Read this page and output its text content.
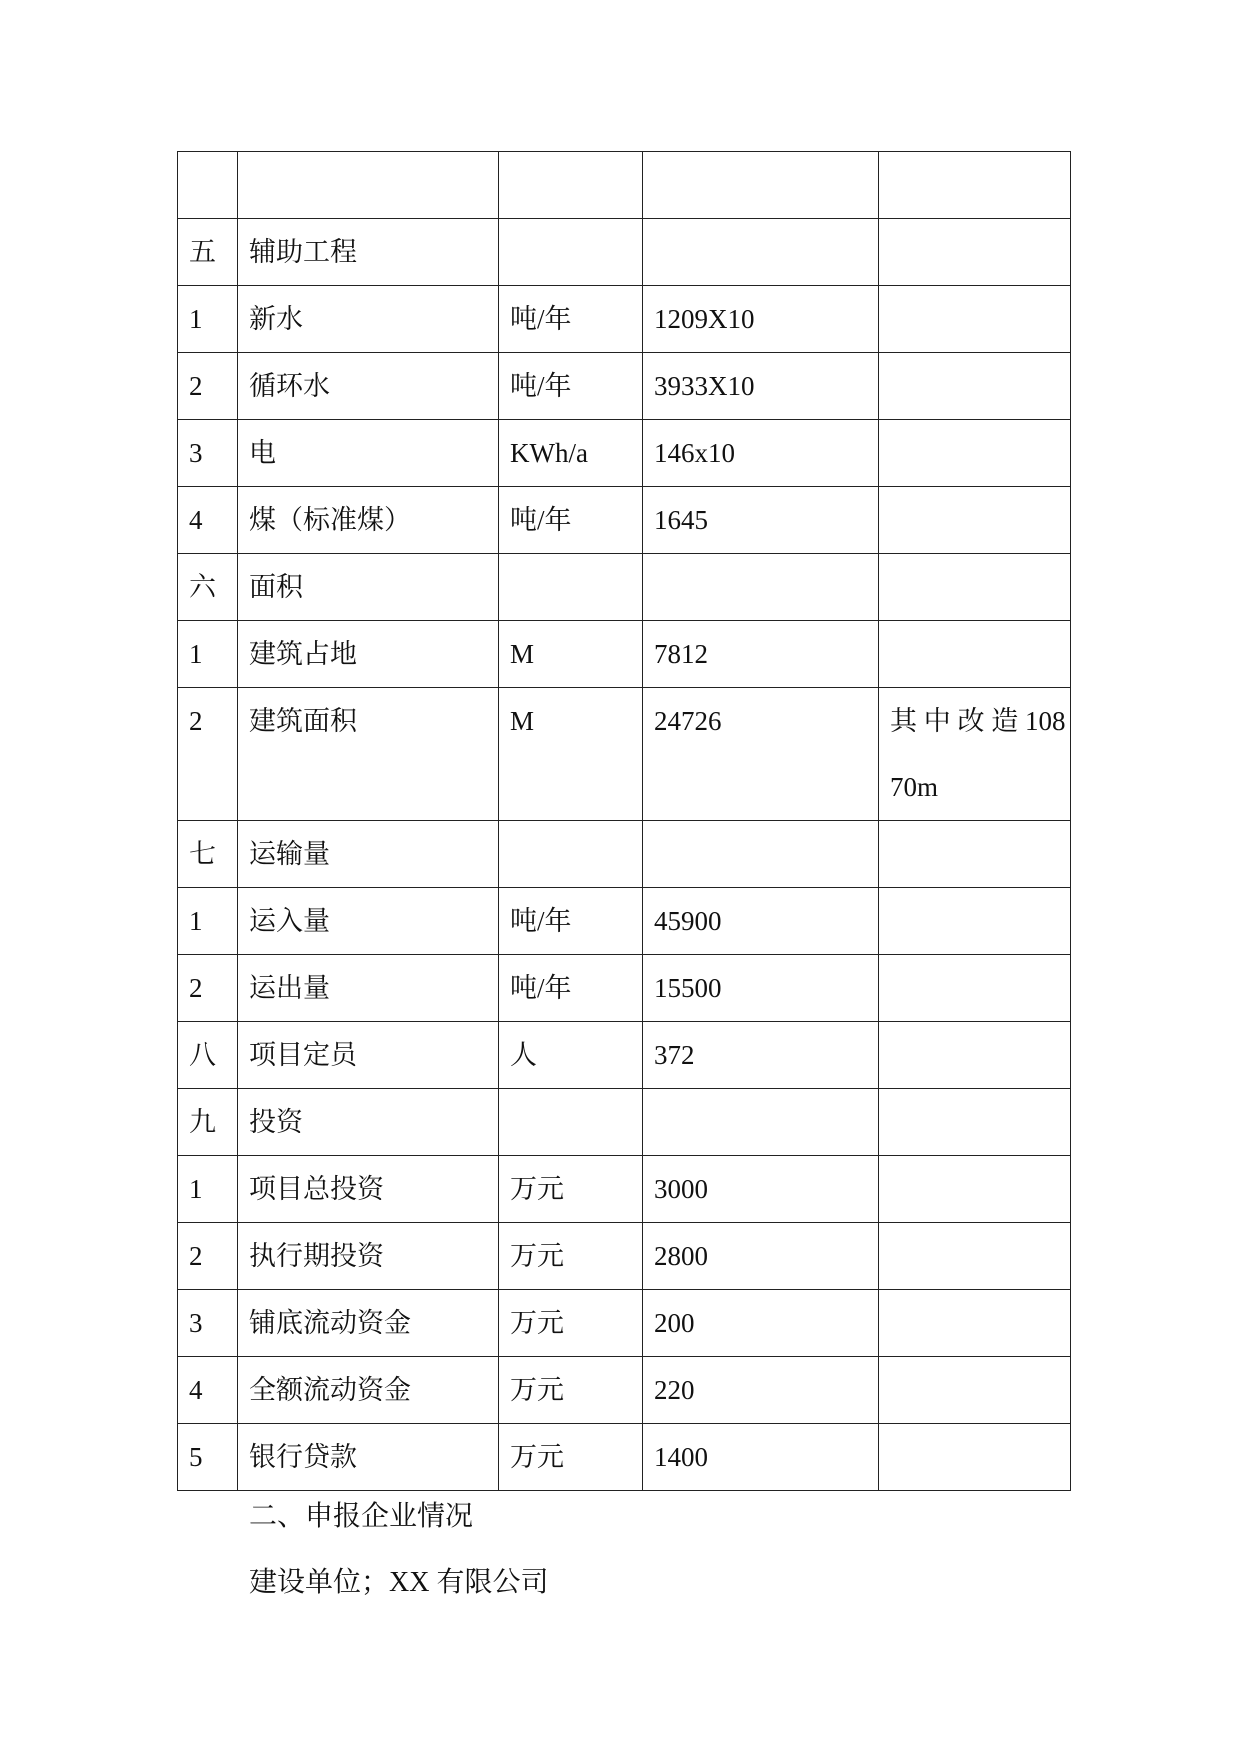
五	辅助工程			
1	新水	吨/年	1209X10	
2	循环水	吨/年	3933X10	
3	电	KWh/a	146x10	
4	煤（标准煤）	吨/年	1645	
六	面积			
1	建筑占地	M	7812	
2	建筑面积	M	24726	其 中 改 造 10870m
七	运输量			
1	运入量	吨/年	45900	
2	运出量	吨/年	15500	
八	项目定员	人	372	
九	投资			
1	项目总投资	万元	3000	
2	执行期投资	万元	2800	
3	铺底流动资金	万元	200	
4	全额流动资金	万元	220	
5	银行贷款	万元	1400	
二、申报企业情况
建设单位；XX 有限公司
